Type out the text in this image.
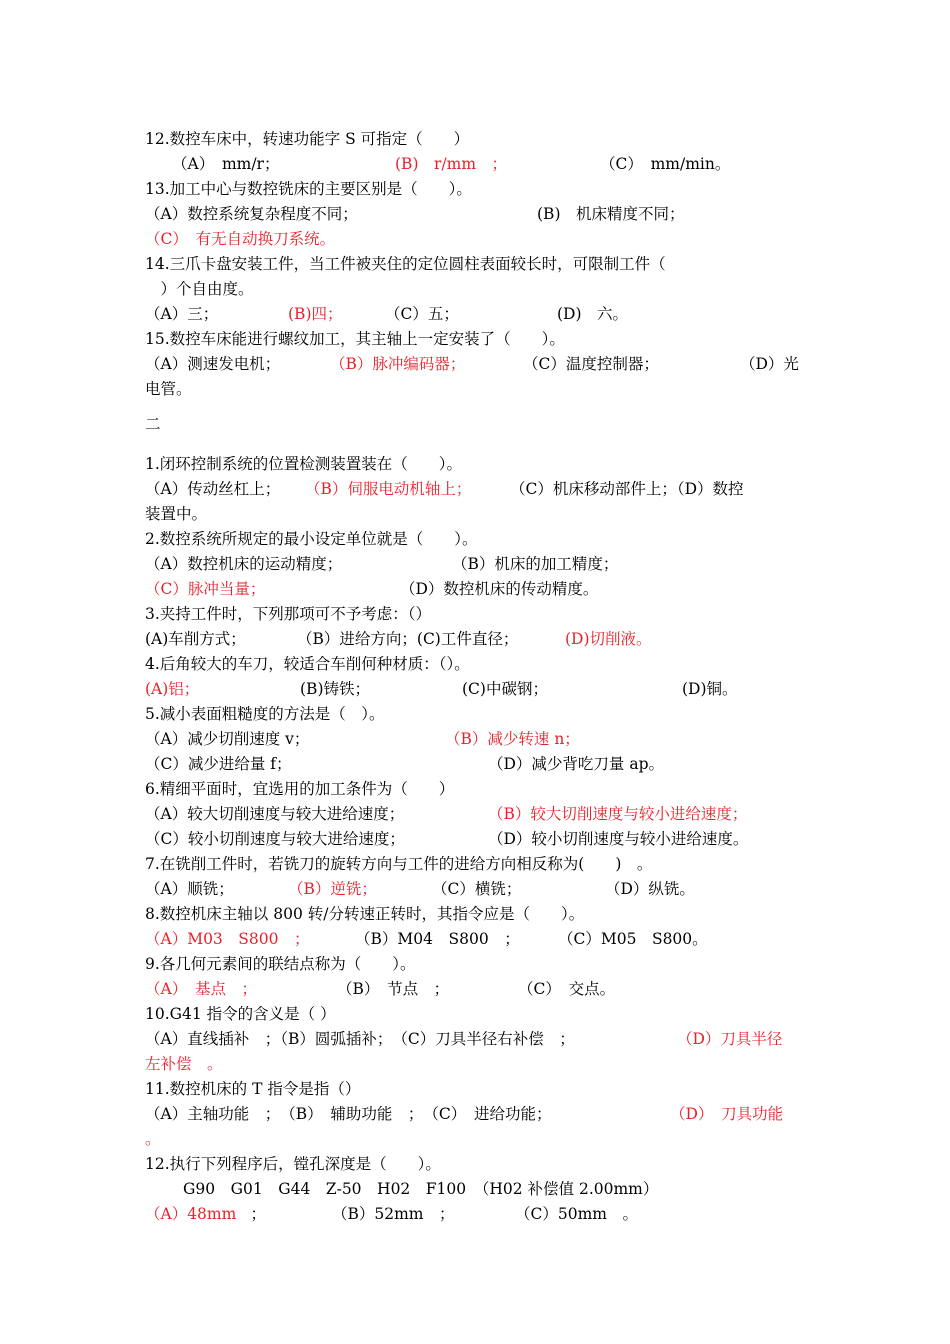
12.数控车床中，转速功能字 S 可指定（　　）
（A）　mm/r；	(B)　r/mm　；	（C）　mm/min。
13.加工中心与数控铣床的主要区别是（　　）。
（A）数控系统复杂程度不同；	(B)　机床精度不同；
（C）　有无自动换刀系统。
14.三爪卡盘安装工件，当工件被夹住的定位圆柱表面较长时，可限制工件（
　）个自由度。
（A）三；	(B)四；	（C）五；	(D)　六。
15.数控车床能进行螺纹加工，其主轴上一定安装了（　　）。
（A）测速发电机；	（B）脉冲编码器；	（C）温度控制器；	（D）光
电管。
二
1.闭环控制系统的位置检测装置装在（　　）。
（A）传动丝杠上； （B）伺服电动机轴上； （C）机床移动部件上；（D）数控
装置中。
2.数控系统所规定的最小设定单位就是（　　）。
（A）数控机床的运动精度；	（B）机床的加工精度；
（C）脉冲当量；	（D）数控机床的传动精度。
3.夹持工件时，下列那项可不予考虑：（）
(A)车削方式；	（B）进给方向；(C)工件直径；	(D)切削液。
4.后角较大的车刀，较适合车削何种材质：（）。
(A)铝；	(B)铸铁；	(C)中碳钢；	(D)铜。
5.减小表面粗糙度的方法是（　）。
（A）减少切削速度 v；	（B）减少转速 n；
（C）减少进给量 f；	（D）减少背吃刀量 ap。
6.精细平面时，宜选用的加工条件为（　　）
（A）较大切削速度与较大进给速度；	（B）较大切削速度与较小进给速度；
（C）较小切削速度与较大进给速度；	（D）较小切削速度与较小进给速度。
7.在铣削工件时，若铣刀的旋转方向与工件的进给方向相反称为(　　)　。
（A）顺铣；	（B）逆铣；	（C）横铣；	（D）纵铣。
8.数控机床主轴以 800 转/分转速正转时，其指令应是（　　）。
（A）M03　S800　；	（B）M04　S800　； （C）M05　S800。
9.各几何元素间的联结点称为（　　）。
（A）　基点　；	（B）　节点　；	（C）　交点。
10.G41 指令的含义是（ ）
（A）直线插补　；（B）圆弧插补；　（C）刀具半径右补偿　；	（D）刀具半径
左补偿　。
11.数控机床的 T 指令是指（）
（A）主轴功能　；　（B）　辅助功能　；　（C）　进给功能；	（D）　刀具功能
。
12.执行下列程序后，镗孔深度是（　　）。
G90　G01　G44　Z-50　H02　F100　（H02 补偿值 2.00mm）
（A）48mm
　；	（B）52mm　；	（C）50mm　。
